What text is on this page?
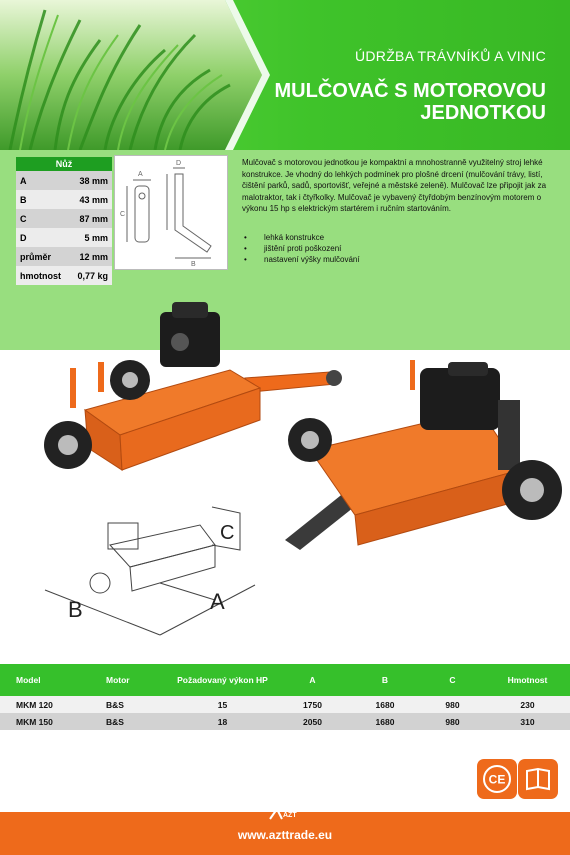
ÚDRŽBA TRÁVNÍKŮ A VINIC
MULČOVAČ S MOTOROVOU JEDNOTKOU
Nůž	
A	38 mm
B	43 mm
C	87 mm
D	5 mm
průměr	12 mm
hmotnost	0,77 kg
A
C
D
B
Mulčovač s motorovou jednotkou je kompaktní a mnohostranně využitelný stroj lehké konstrukce. Je vhodný do lehkých podmínek pro plošné drcení (mulčování trávy, listí, čištění parků, sadů, sportovišť, veřejné a městské zeleně). Mulčovač lze připojit jak za malotraktor, tak i čtyřkolky. Mulčovač je vybavený čtyřdobým benzínovým motorem o výkonu 15 hp s elektrickým startérem i ručním startováním.
• lehká konstrukce
• jištění proti poškození
• nastavení výšky mulčování
B	A
C
Model	Motor	Požadovaný výkon HP	A	B	C	Hmotnost
MKM 120	B&S	15	1750	1680	980	230
MKM 150	B&S	18	2050	1680	980	310
CE
AZT
www.azttrade.eu
